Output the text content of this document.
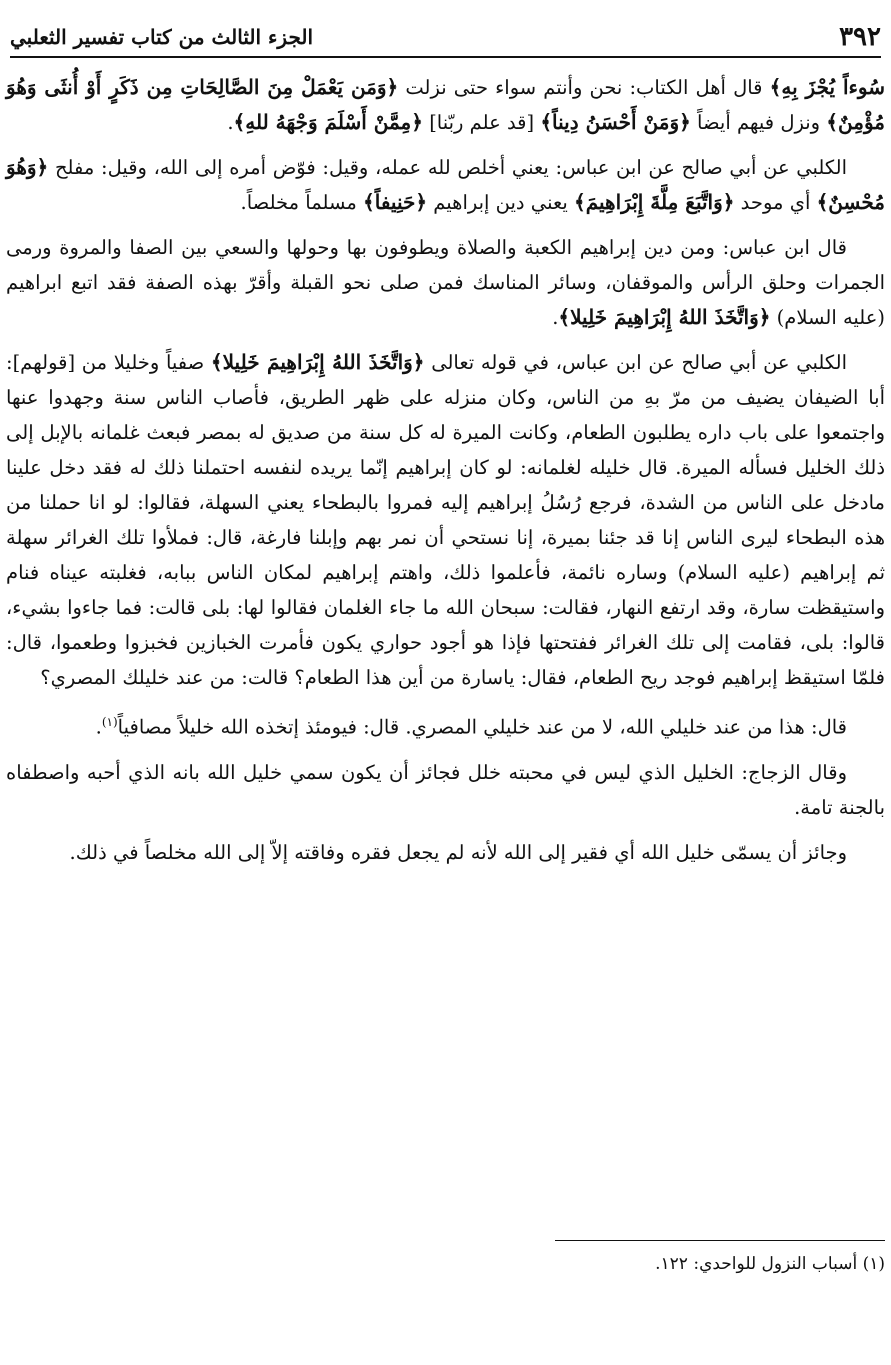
٣٩٢
الجزء الثالث من كتاب تفسير الثعلبي

سُوءاً يُجْزَ بِهِ﴾ قال أهل الكتاب: نحن وأنتم سواء حتى نزلت ﴿وَمَن يَعْمَلْ مِنَ الصَّالِحَاتِ مِن ذَكَرٍ أَوْ أُنثَى وَهُوَ مُؤْمِنٌ﴾ ونزل فيهم أيضاً ﴿وَمَنْ أَحْسَنُ دِيناً﴾ [قد علم ربّنا] ﴿مِمَّنْ أَسْلَمَ وَجْهَهُ للهِ﴾.

الكلبي عن أبي صالح عن ابن عباس: يعني أخلص لله عمله، وقيل: فوّض أمره إلى الله، وقيل: مفلح ﴿وَهُوَ مُحْسِنٌ﴾ أي موحد ﴿وَاتَّبَعَ مِلَّةَ إِبْرَاهِيمَ﴾ يعني دين إبراهيم ﴿حَنِيفاً﴾ مسلماً مخلصاً.

قال ابن عباس: ومن دين إبراهيم الكعبة والصلاة ويطوفون بها وحولها والسعي بين الصفا والمروة ورمى الجمرات وحلق الرأس والموقفان، وسائر المناسك فمن صلى نحو القبلة وأقرّ بهذه الصفة فقد اتبع ابراهيم (عليه السلام) ﴿وَاتَّخَذَ اللهُ إِبْرَاهِيمَ خَلِيلا﴾.

الكلبي عن أبي صالح عن ابن عباس، في قوله تعالى ﴿وَاتَّخَذَ اللهُ إِبْرَاهِيمَ خَلِيلا﴾ صفياً وخليلا من [قولهم]: أبا الضيفان يضيف من مرّ بهِ من الناس، وكان منزله على ظهر الطريق، فأصاب الناس سنة وجهدوا عنها واجتمعوا على باب داره يطلبون الطعام، وكانت الميرة له كل سنة من صديق له بمصر فبعث غلمانه بالإبل إلى ذلك الخليل فسأله الميرة. قال خليله لغلمانه: لو كان إبراهيم إنّما يريده لنفسه احتملنا ذلك له فقد دخل علينا مادخل على الناس من الشدة، فرجع رُسُلُ إبراهيم إليه فمروا بالبطحاء يعني السهلة، فقالوا: لو انا حملنا من هذه البطحاء ليرى الناس إنا قد جئنا بميرة، إنا نستحي أن نمر بهم وإبلنا فارغة، قال: فملأوا تلك الغرائر سهلة ثم إبراهيم (عليه السلام) وساره نائمة، فأعلموا ذلك، واهتم إبراهيم لمكان الناس ببابه، فغلبته عيناه فنام واستيقظت سارة، وقد ارتفع النهار، فقالت: سبحان الله ما جاء الغلمان فقالوا لها: بلى قالت: فما جاءوا بشيء، قالوا: بلى، فقامت إلى تلك الغرائر ففتحتها فإذا هو أجود حواري يكون فأمرت الخبازين فخبزوا وطعموا، قال: فلمّا استيقظ إبراهيم فوجد ريح الطعام، فقال: ياسارة من أين هذا الطعام؟ قالت: من عند خليلك المصري؟

قال: هذا من عند خليلي الله، لا من عند خليلي المصري. قال: فيومئذ إتخذه الله خليلاً مصافياً$^{(١)}$.

وقال الزجاج: الخليل الذي ليس في محبته خلل فجائز أن يكون سمي خليل الله بانه الذي أحبه واصطفاه بالجنة تامة.

وجائز أن يسمّى خليل الله أي فقير إلى الله لأنه لم يجعل فقره وفاقته إلاّ إلى الله مخلصاً في ذلك.

(١) أسباب النزول للواحدي: ١٢٢.
